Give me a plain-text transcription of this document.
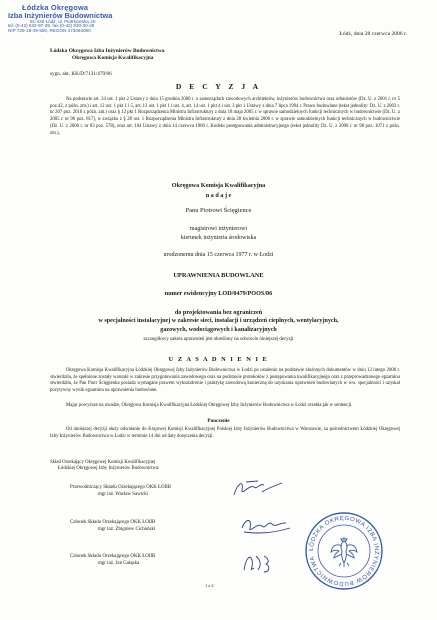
Łódzka Okręgowa
Izba Inżynierów Budownictwa
91-425 Łódź, ul. Piotrkowska 20
tel. (0-42) 632-97-39, fax (0-42) 630-30-29
NIP 725-18-49-550, REGON 473064060
Łódź, dnia 28 czerwca 2006 r.
Łódzka Okręgowa Izba Inżynierów Budownictwa
Okręgowa Komisja Kwalifikacyjna
sygn. akt. KK/D/7131/479/06
D E C Y Z J A
Na podstawie art. 24 ust. 1 pkt 2 Ustawy z dnia 15 grudnia 2000 r. o samorządach zawodowych architektów, inżynierów budownictwa oraz urbanistów (Dz. U. z 2001 r. nr 5 poz.42, z późn. zm.) i art. 12 ust. 1 pkt 1 i 5, art. 13 ust. 1 pkt 1 i ust. 4, art. 14 ust. 1 pkt 4 i ust. 3 pkt 1 Ustawy z dnia 7 lipca 1994 r. Prawo budowlane (tekst jednolity: Dz. U. z 2003 r. nr 207 poz. 2016 z późn. zm.) oraz § 12 pkt 1 Rozporządzenia Ministra Infrastruktury z dnia 18 maja 2005 r. w sprawie samodzielnych funkcji technicznych w budownictwie (Dz. U. z 2005 r. nr 96 poz. 817), w związku z § 28 ust. 1 Rozporządzenia Ministra Infrastruktury z dnia 28 kwietnia 2006 r. w sprawie samodzielnych funkcji technicznych w budownictwie (Dz. U. z 2006 r. nr 83 poz. 578), oraz art. 104 Ustawy z dnia 14 czerwca 1960 r. Kodeks postępowania administracyjnego (tekst jednolity Dz. U. z 2000 r. nr 98 poz. 1071 z późn. zm.),
Okręgowa Komisja Kwalifikacyjna
n a d a j e
Panu Piotrowi Ścięgience
magistrowi inżynierowi
kierunek inżynieria środowiska
urodzonemu dnia 15 czerwca 1977 r. w Łodzi
UPRAWNIENIA BUDOWLANE
numer ewidencyjny LOD/0479/POOS/06
do projektowania bez ograniczeń
w specjalności instalacyjnej w zakresie sieci, instalacji i urządzeń cieplnych, wentylacyjnych,
gazowych, wodociągowych i kanalizacyjnych
szczegółowy zakres uprawnień jest określony na odwrocie niniejszej decyzji
U Z A S A D N I E N I E
Okręgowa Komisja Kwalifikacyjna Łódzkiej Okręgowej Izby Inżynierów Budownictwa w Łodzi po ustaleniu na podstawie złożonych dokumentów w dniu 13 lutego 2006 r. stwierdziła, że spełnione zostały warunki w zakresie przygotowania zawodowego oraz na podstawie protokołów z postępowania kwalifikacyjnego oraz z przeprowadzonego egzaminu stwierdziła, że Pan Piotr Ścięgienka posiada wymagane prawem wykształcenie i praktykę zawodową konieczną do uzyskania uprawnień budowlanych w ww. specjalności i uzyskał pozytywny wynik egzaminu na uprawnienia budowlane.
Mając powyższe na uwadze, Okręgowa Komisja Kwalifikacyjna Łódzkiej Okręgowej Izby Inżynierów Budownictwa w Łodzi orzekła jak w sentencji.
Pouczenie
Od niniejszej decyzji służy odwołanie do Krajowej Komisji Kwalifikacyjnej Polskiej Izby Inżynierów Budownictwa w Warszawie, za pośrednictwem Łódzkiej Okręgowej Izby Inżynierów Budownictwa w Łodzi w terminie 14 dni od daty doręczenia decyzji.
Skład Orzekający Okręgowej Komisji Kwalifikacyjnej
Łódzkiej Okręgowej Izby Inżynierów Budownictwa:
Przewodniczący Składu Orzekającego OKK ŁOIIB
mgr inż. Wacław Sawicki
Członek Składu Orzekającego OKK ŁOIIB
mgr inż. Zbigniew Cichoński
Członek Składu Orzekającego OKK ŁOIIB
mgr inż. Jan Gałązka
ŁÓDZKA OKRĘGOWA IZBA INŻYNIERÓW BUDOWNICTWA
1 z 2
